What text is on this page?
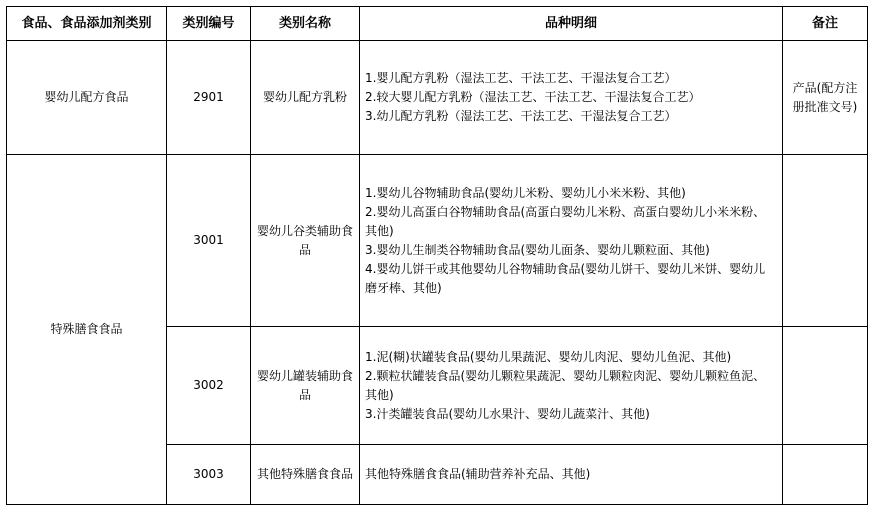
食品、食品添加剂类别	类别编号	类别名称	品种明细	备注
婴幼儿配方食品	2901	婴幼儿配方乳粉	1.婴儿配方乳粉（湿法工艺、干法工艺、干湿法复合工艺）
2.较大婴儿配方乳粉（湿法工艺、干法工艺、干湿法复合工艺）
3.幼儿配方乳粉（湿法工艺、干法工艺、干湿法复合工艺）	产品(配方注册批准文号)
特殊膳食食品	3001	婴幼儿谷类辅助食品	1.婴幼儿谷物辅助食品(婴幼儿米粉、婴幼儿小米米粉、其他)
2.婴幼儿高蛋白谷物辅助食品(高蛋白婴幼儿米粉、高蛋白婴幼儿小米米粉、其他)
3.婴幼儿生制类谷物辅助食品(婴幼儿面条、婴幼儿颗粒面、其他)
4.婴幼儿饼干或其他婴幼儿谷物辅助食品(婴幼儿饼干、婴幼儿米饼、婴幼儿磨牙棒、其他)	

	3002	婴幼儿罐装辅助食品	1.泥(糊)状罐装食品(婴幼儿果蔬泥、婴幼儿肉泥、婴幼儿鱼泥、其他)
2.颗粒状罐装食品(婴幼儿颗粒果蔬泥、婴幼儿颗粒肉泥、婴幼儿颗粒鱼泥、其他)
3.汁类罐装食品(婴幼儿水果汁、婴幼儿蔬菜汁、其他)	

	3003	其他特殊膳食食品	其他特殊膳食食品(辅助营养补充品、其他)	
